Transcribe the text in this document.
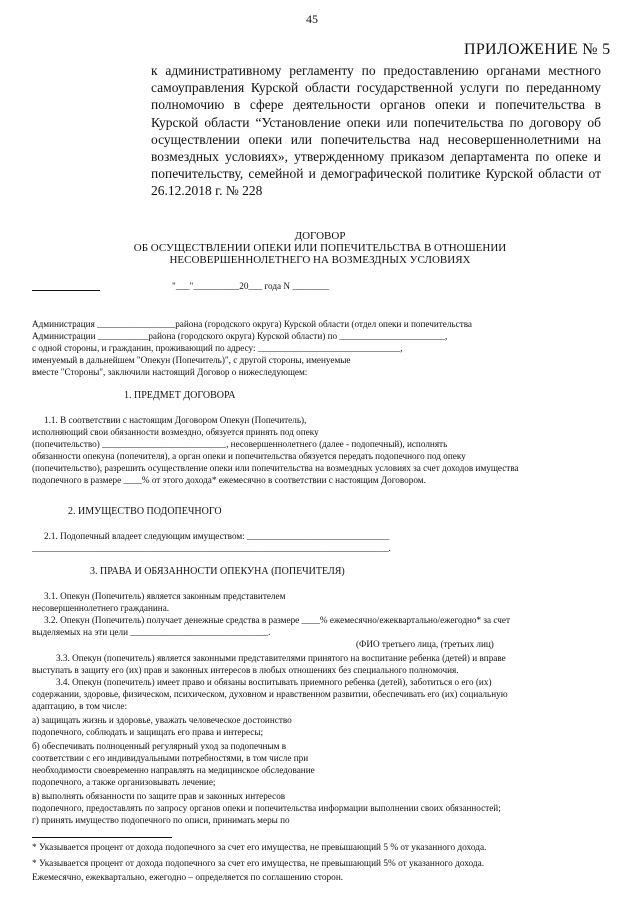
45
ПРИЛОЖЕНИЕ № 5
к административному регламенту по предоставлению органами местного самоуправления Курской области государственной услуги по переданному полномочию в сфере деятельности органов опеки и попечительства в Курской области “Установление опеки или попечительства по договору об осуществлении опеки или попечительства над несовершеннолетними на возмездных условиях», утвержденному приказом департамента по опеке и попечительству, семейной и демографической политике Курской области от 26.12.2018 г. № 228
ДОГОВОР
ОБ ОСУЩЕСТВЛЕНИИ ОПЕКИ ИЛИ ПОПЕЧИТЕЛЬСТВА В ОТНОШЕНИИ
НЕСОВЕРШЕННОЛЕТНЕГО НА ВОЗМЕЗДНЫХ УСЛОВИЯХ
"___"__________20___ года N ________
Администрация _________________района (городского округа) Курской области (отдел опеки и попечительства
Администрации ___________района (городского округа) Курской области) по _______________________,
с одной стороны, и гражданин, проживающий по адресу: _______________________________,
именуемый в дальнейшем "Опекун (Попечитель)", с другой стороны, именуемые
вместе "Стороны", заключили настоящий Договор о нижеследующем:
1. ПРЕДМЕТ ДОГОВОРА
1.1. В соответствии с настоящим Договором Опекун (Попечитель),
исполняющий свои обязанности возмездно, обязуется принять под опеку
(попечительство) ___________________________, несовершеннолетнего (далее - подопечный), исполнять
обязанности опекуна (попечителя), а орган опеки и попечительства обязуется передать подопечного под опеку
(попечительство), разрешить осуществление опеки или попечительства на возмездных условиях за счет доходов имущества
подопечного в размере ____% от этого дохода* ежемесячно в соответствии с настоящим Договором.
2. ИМУЩЕСТВО ПОДОПЕЧНОГО
2.1. Подопечный владеет следующим имуществом: _______________________________
___________________________________________________________________________________.
3. ПРАВА И ОБЯЗАННОСТИ ОПЕКУНА (ПОПЕЧИТЕЛЯ)
3.1. Опекун (Попечитель) является законным представителем
несовершеннолетнего гражданина.
3.2. Опекун (Попечитель) получает денежные средства в размере ____% ежемесячно/ежеквартально/ежегодно* за счет
выделяемых на эти цели ______________________________.
(ФИО третьего лица, (третьих лиц)
3.3. Опекун (попечитель) является законными представителями принятого на воспитание ребенка (детей) и вправе
выступать в защиту его (их) прав и законных интересов в любых отношениях без специального полномочия.
3.4. Опекун (попечитель) имеет право и обязаны воспитывать приемного ребенка (детей), заботиться о его (их)
содержании, здоровье, физическом, психическом, духовном и нравственном развитии, обеспечивать его (их) социальную
адаптацию, в том числе:
а) защищать жизнь и здоровье, уважать человеческое достоинство
подопечного, соблюдать и защищать его права и интересы;
б) обеспечивать полноценный регулярный уход за подопечным в
соответствии с его индивидуальными потребностями, в том числе при
необходимости своевременно направлять на медицинское обследование
подопечного, а также организовывать лечение;
в) выполнять обязанности по защите прав и законных интересов
подопечного, предоставлять по запросу органов опеки и попечительства информации выполнении своих обязанностей;
г) принять имущество подопечного по описи, принимать меры по
* Указывается процент от дохода подопечного за счет его имущества, не превышающий 5 % от указанного дохода.
* Указывается процент от дохода подопечного за счет его имущества, не превышающий 5% от указанного дохода.
Ежемесячно, ежеквартально, ежегодно – определяется по соглашению сторон.
